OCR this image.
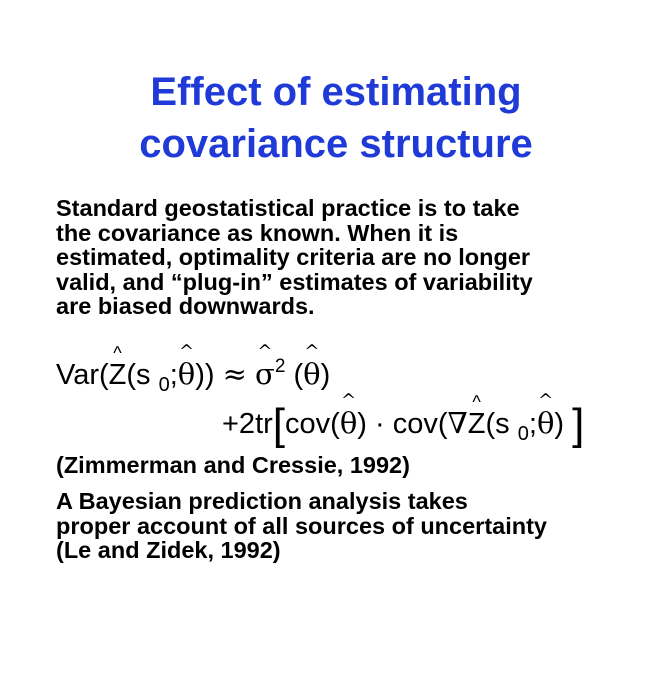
Effect of estimating
covariance structure
Standard geostatistical practice is to take
the covariance as known. When it is
estimated, optimality criteria are no longer
valid, and “plug-in” estimates of variability
are biased downwards.
Var(^ Z(s $_0$;^ θ)) ≈ ^ $\sigma^2$ (^ θ)
+2tr[cov(^ θ) · cov(∇^ Z(s $_0$;^ θ) ]
(Zimmerman and Cressie, 1992)
A Bayesian prediction analysis takes
proper account of all sources of uncertainty
(Le and Zidek, 1992)
